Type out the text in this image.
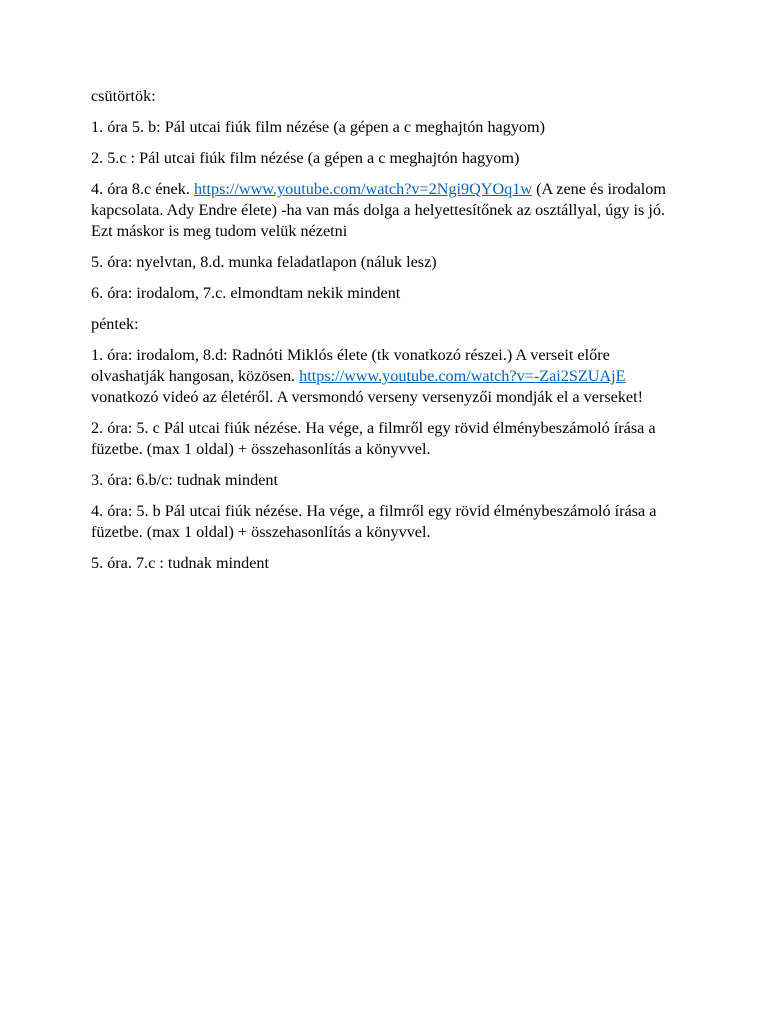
csütörtök:

1. óra 5. b: Pál utcai fiúk film nézése (a gépen a c meghajtón hagyom)

2. 5.c : Pál utcai fiúk film nézése (a gépen a c meghajtón hagyom)

4. óra 8.c ének. https://www.youtube.com/watch?v=2Ngi9QYOq1w (A zene és irodalom kapcsolata. Ady Endre élete) -ha van más dolga a helyettesítőnek az osztállyal, úgy is jó. Ezt máskor is meg tudom velük nézetni

5. óra: nyelvtan, 8.d. munka feladatlapon (náluk lesz)

6. óra: irodalom, 7.c. elmondtam nekik mindent

péntek:

1. óra: irodalom, 8.d: Radnóti Miklós élete (tk vonatkozó részei.) A verseit előre olvashatják hangosan, közösen. https://www.youtube.com/watch?v=-Zai2SZUAjE vonatkozó videó az életéről. A versmondó verseny versenyzői mondják el a verseket!

2. óra: 5. c Pál utcai fiúk nézése. Ha vége, a filmről egy rövid élménybeszámoló írása a füzetbe. (max 1 oldal) + összehasonlítás a könyvvel.

3. óra: 6.b/c: tudnak mindent

4. óra: 5. b Pál utcai fiúk nézése. Ha vége, a filmről egy rövid élménybeszámoló írása a füzetbe. (max 1 oldal) + összehasonlítás a könyvvel.

5. óra. 7.c : tudnak mindent
